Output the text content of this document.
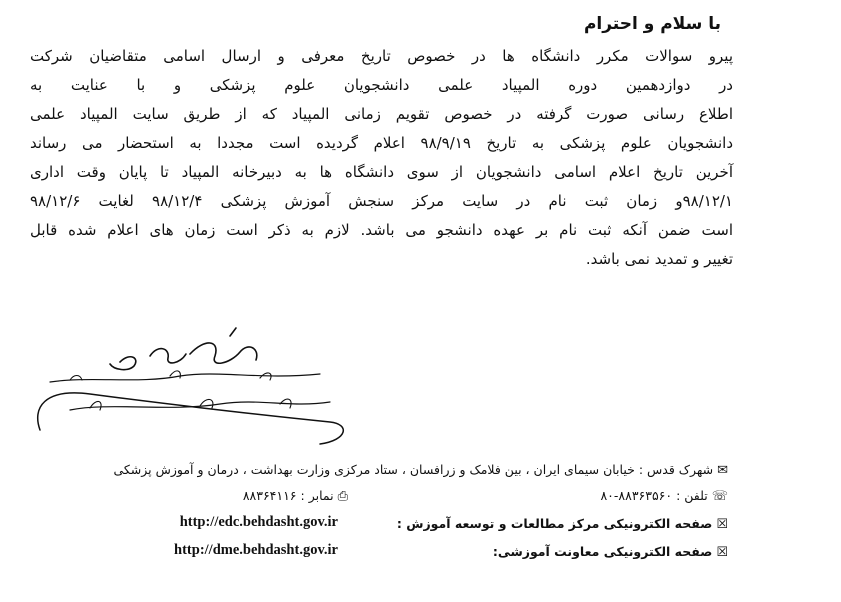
با سلام و احترام
پیرو سوالات مکرر دانشگاه ها در خصوص تاریخ معرفی و ارسال اسامی متقاضیان شرکت
در دوازدهمین دوره المپیاد علمی دانشجویان علوم پزشکی و با عنایت به
اطلاع رسانی صورت گرفته در خصوص تقویم زمانی المپیاد که از طریق سایت المپیاد علمی
دانشجویان علوم پزشکی به تاریخ ۹۸/۹/۱۹ اعلام گردیده است مجددا به استحضار می رساند
آخرین تاریخ اعلام اسامی دانشجویان از سوی دانشگاه ها به دبیرخانه المپیاد تا پایان وقت اداری
۹۸/۱۲/۱و زمان ثبت نام در سایت مرکز سنجش آموزش پزشکی ۹۸/۱۲/۴ لغایت ۹۸/۱۲/۶
است ضمن آنکه ثبت نام بر عهده دانشجو می باشد. لازم به ذکر است زمان های اعلام شده قابل
تغییر و تمدید نمی باشد.
✉شهرک قدس : خیابان سیمای ایران ، بین فلامک و زرافسان ، ستاد مرکزی وزارت بهداشت ، درمان و آموزش پزشکی
☏تلفن : ۸۸۳۶۳۵۶۰-۸۰
⎙نمابر : ۸۸۳۶۴۱۱۶
☒صفحه الکترونیکی مرکز مطالعات و توسعه آموزش :
http://edc.behdasht.gov.ir
☒صفحه الکترونیکی معاونت آموزشی:
http://dme.behdasht.gov.ir
